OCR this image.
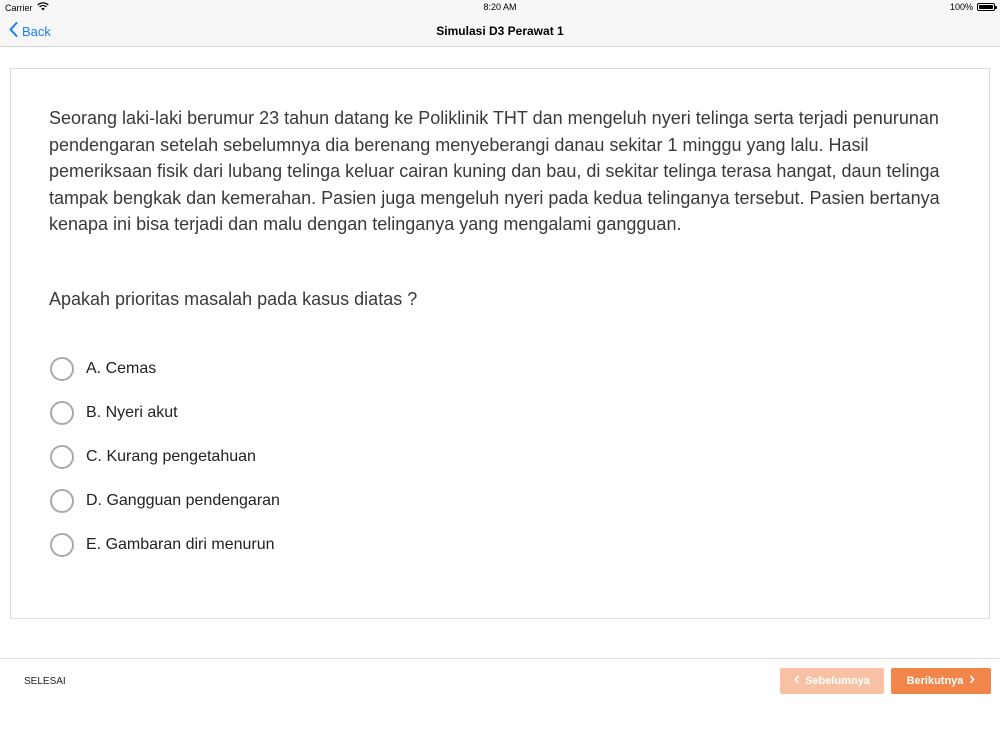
Carrier	8:20 AM	100%
Back	Simulasi D3 Perawat 1
Seorang laki-laki berumur 23 tahun datang ke Poliklinik THT dan mengeluh nyeri telinga serta terjadi penurunan pendengaran setelah sebelumnya dia berenang menyeberangi danau sekitar 1 minggu yang lalu. Hasil pemeriksaan fisik dari lubang telinga keluar cairan kuning dan bau, di sekitar telinga terasa hangat, daun telinga tampak bengkak dan kemerahan. Pasien juga mengeluh nyeri pada kedua telinganya tersebut. Pasien bertanya kenapa ini bisa terjadi dan malu dengan telinganya yang mengalami gangguan.
Apakah prioritas masalah pada kasus diatas ?
A. Cemas
B. Nyeri akut
C. Kurang pengetahuan
D. Gangguan pendengaran
E. Gambaran diri menurun
SELESAI	Sebelumnya	Berikutnya
